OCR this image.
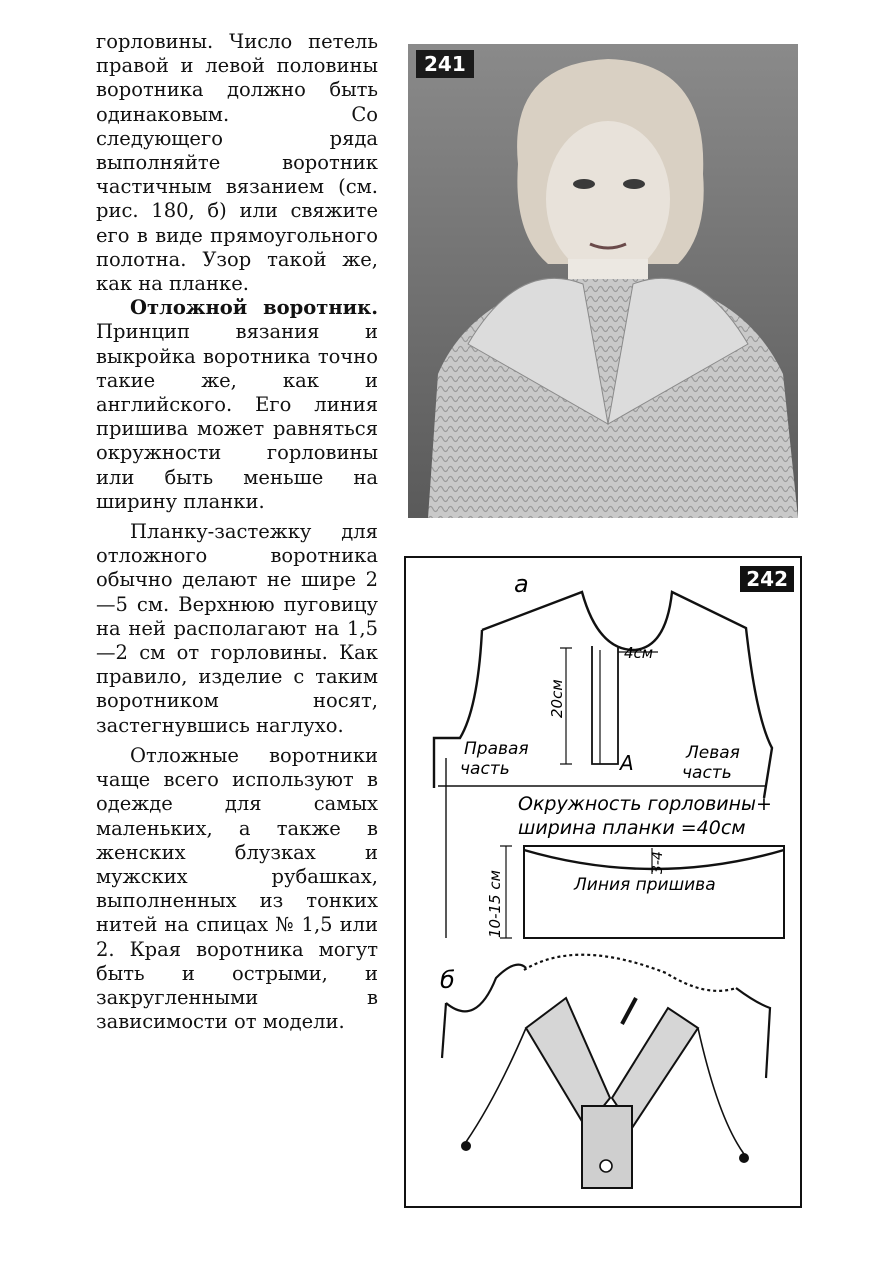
горловины. Число петель правой и левой половины воротника должно быть одинаковым. Со следующего ряда выполняйте воротник частичным вязанием (см. рис. 180, б) или свяжите его в виде прямоугольного полотна. Узор такой же, как на планке.

Отложной воротник. Принцип вязания и выкройка воротника точно такие же, как и английского. Его линия пришива может равняться окружности горловины или быть меньше на ширину планки.

Планку-застежку для отложного воротника обычно делают не шире 2—5 см. Верхнюю пуговицу на ней располагают на 1,5—2 см от горловины. Как правило, изделие с таким воротником носят, застегнувшись наглухо.

Отложные воротники чаще всего используют в одежде для самых маленьких, а также в женских блузках и мужских рубашках, выполненных из тонких нитей на спицах № 1,5 или 2. Края воротника могут быть и острыми, и закругленными в зависимости от модели.

241
242
а
4см
20см
А
Правая
часть
Левая
часть
Окружность горловины+
ширина планки =40см
3-4
10-15 см	Линия пришива
б
